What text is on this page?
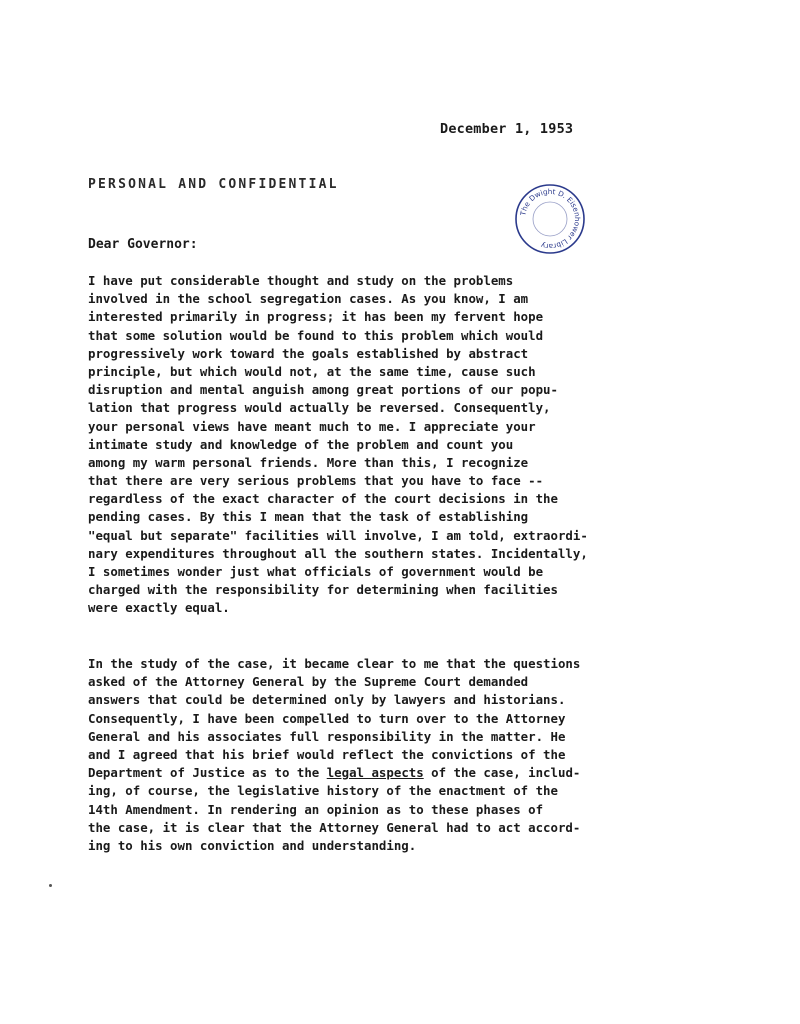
December 1, 1953
PERSONAL AND CONFIDENTIAL
The Dwight D. Eisenhower Library
Dear Governor:
I have put considerable thought and study on the problems
involved in the school segregation cases. As you know, I am
interested primarily in progress; it has been my fervent hope
that some solution would be found to this problem which would
progressively work toward the goals established by abstract
principle, but which would not, at the same time, cause such
disruption and mental anguish among great portions of our popu-
lation that progress would actually be reversed. Consequently,
your personal views have meant much to me. I appreciate your
intimate study and knowledge of the problem and count you
among my warm personal friends. More than this, I recognize
that there are very serious problems that you have to face --
regardless of the exact character of the court decisions in the
pending cases. By this I mean that the task of establishing
"equal but separate" facilities will involve, I am told, extraordi-
nary expenditures throughout all the southern states. Incidentally,
I sometimes wonder just what officials of government would be
charged with the responsibility for determining when facilities
were exactly equal.
In the study of the case, it became clear to me that the questions
asked of the Attorney General by the Supreme Court demanded
answers that could be determined only by lawyers and historians.
Consequently, I have been compelled to turn over to the Attorney
General and his associates full responsibility in the matter. He
and I agreed that his brief would reflect the convictions of the
Department of Justice as to the legal aspects of the case, includ-
ing, of course, the legislative history of the enactment of the
14th Amendment. In rendering an opinion as to these phases of
the case, it is clear that the Attorney General had to act accord-
ing to his own conviction and understanding.
